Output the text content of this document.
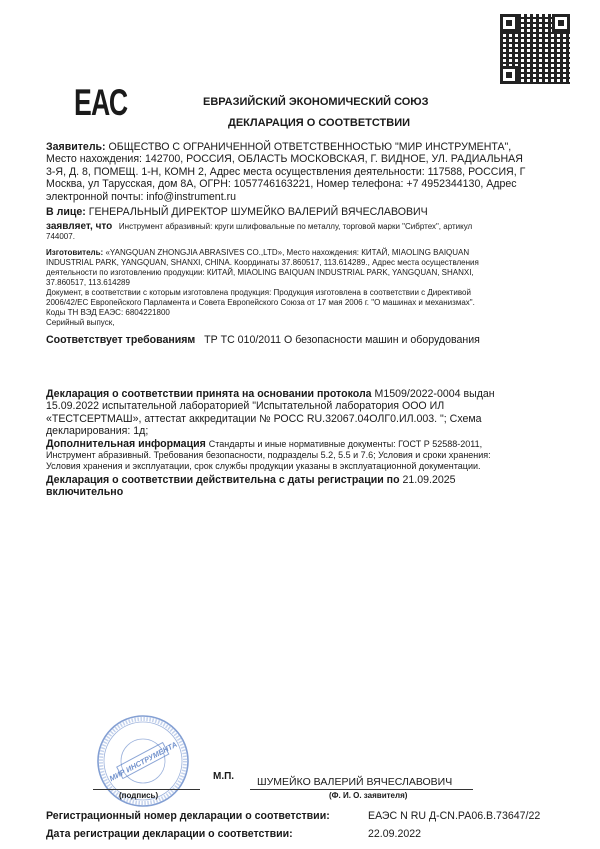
ЕАС	ЕВРАЗИЙСКИЙ ЭКОНОМИЧЕСКИЙ СОЮЗ
ДЕКЛАРАЦИЯ О СООТВЕТСТВИИ
Заявитель: ОБЩЕСТВО С ОГРАНИЧЕННОЙ ОТВЕТСТВЕННОСТЬЮ "МИР ИНСТРУМЕНТА",
Место нахождения: 142700, РОССИЯ, ОБЛАСТЬ МОСКОВСКАЯ, Г. ВИДНОЕ, УЛ. РАДИАЛЬНАЯ
3-Я, Д. 8, ПОМЕЩ. 1-Н, КОМН 2, Адрес места осуществления деятельности: 117588, РОССИЯ, Г
Москва, ул Тарусская, дом 8А, ОГРН: 1057746163221, Номер телефона: +7 4952344130, Адрес
электронной почты: info@instrument.ru
В лице: ГЕНЕРАЛЬНЫЙ ДИРЕКТОР ШУМЕЙКО ВАЛЕРИЙ ВЯЧЕСЛАВОВИЧ
заявляет, что Инструмент абразивный: круги шлифовальные по металлу, торговой марки "Сибртех", артикул
744007.
Изготовитель: «YANGQUAN ZHONGJIA ABRASIVES CO.,LTD», Место нахождения: КИТАЙ, MIAOLING BAIQUAN
INDUSTRIAL PARK, YANGQUAN, SHANXI, CHINA. Координаты 37.860517, 113.614289., Адрес места осуществления
деятельности по изготовлению продукции: КИТАЙ, MIAOLING BAIQUAN INDUSTRIAL PARK, YANGQUAN, SHANXI,
37.860517, 113.614289
Документ, в соответствии с которым изготовлена продукция: Продукция изготовлена в соответствии с Директивой
2006/42/ЕС Европейского Парламента и Совета Европейского Союза от 17 мая 2006 г. "О машинах и механизмах".
Коды ТН ВЭД ЕАЭС: 6804221800
Серийный выпуск,
Соответствует требованиям ТР ТС 010/2011 О безопасности машин и оборудования
Декларация о соответствии принята на основании протокола М1509/2022-0004 выдан
15.09.2022 испытательной лабораторией "Испытательной лаборатория ООО ИЛ
«ТЕСТСЕРТМАШ», аттестат аккредитации № РОСС RU.32067.04ОЛГ0.ИЛ.003. "; Схема
декларирования: 1д;
Дополнительная информация Стандарты и иные нормативные документы: ГОСТ Р 52588-2011,
Инструмент абразивный. Требования безопасности, подразделы 5.2, 5.5 и 7.6; Условия и сроки хранения:
Условия хранения и эксплуатации, срок службы продукции указаны в эксплуатационной документации.
Декларация о соответствии действительна с даты регистрации по 21.09.2025
включительно
МИР ИНСТРУМЕНТА	М.П. ШУМЕЙКО ВАЛЕРИЙ ВЯЧЕСЛАВОВИЧ
(подпись)	(Ф. И. О. заявителя)
Регистрационный номер декларации о соответствии:	ЕАЭС N RU Д-CN.РА06.В.73647/22
Дата регистрации декларации о соответствии:	22.09.2022
